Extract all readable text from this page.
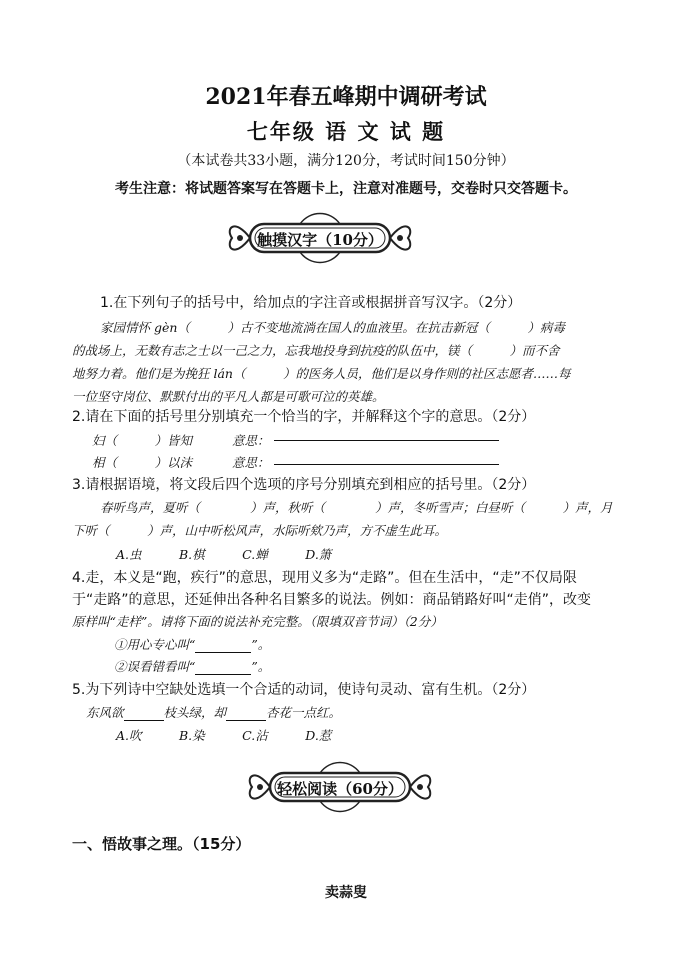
2021年春五峰期中调研考试
七年级 语 文 试 题
（本试卷共33小题，满分120分，考试时间150分钟）
考生注意：将试题答案写在答题卡上，注意对准题号，交卷时只交答题卡。
触摸汉字（10分）
1.在下列句子的括号中，给加点的字注音或根据拼音写汉字。（2分）
家园情怀 gèn（　　　）古不变地流淌在国人的血液里。在抗击新冠（　　　）病毒
的战场上，无数有志之士以一己之力，忘我地投身到抗疫的队伍中，镁（　　　）而不舍
地努力着。他们是为挽狂 lán（　　　）的医务人员，他们是以身作则的社区志愿者……每
一位坚守岗位、默默付出的平凡人都是可歌可泣的英雄。
2.请在下面的括号里分别填充一个恰当的字，并解释这个字的意思。（2分）
妇（　　　）皆知	意思：
相（　　　）以沫	意思：
3.请根据语境，将文段后四个选项的序号分别填充到相应的括号里。（2分）
春听鸟声，夏听（　　　　）声，秋听（　　　　）声，冬听雪声；白昼听（　　　）声，月
下听（　　　）声，山中听松风声，水际听欸乃声，方不虚生此耳。
A.虫　　　B.棋　　　C.蝉　　　D.箫
4.走，本义是“跑，疾行”的意思，现用义多为“走路”。但在生活中，“走”不仅局限
于“走路”的意思，还延伸出各种名目繁多的说法。例如：商品销路好叫“走俏”，改变
原样叫“走样”。请将下面的说法补充完整。（限填双音节词）（2分）
①用心专心叫“	”。
②误看错看叫“	”。
5.为下列诗中空缺处选填一个合适的动词，使诗句灵动、富有生机。（2分）
东风欲	枝头绿，却	杏花一点红。
A.吹　　　B.染　　　C.沾　　　D.惹
轻松阅读（60分）
一、悟故事之理。（15分）
卖蒜叟
